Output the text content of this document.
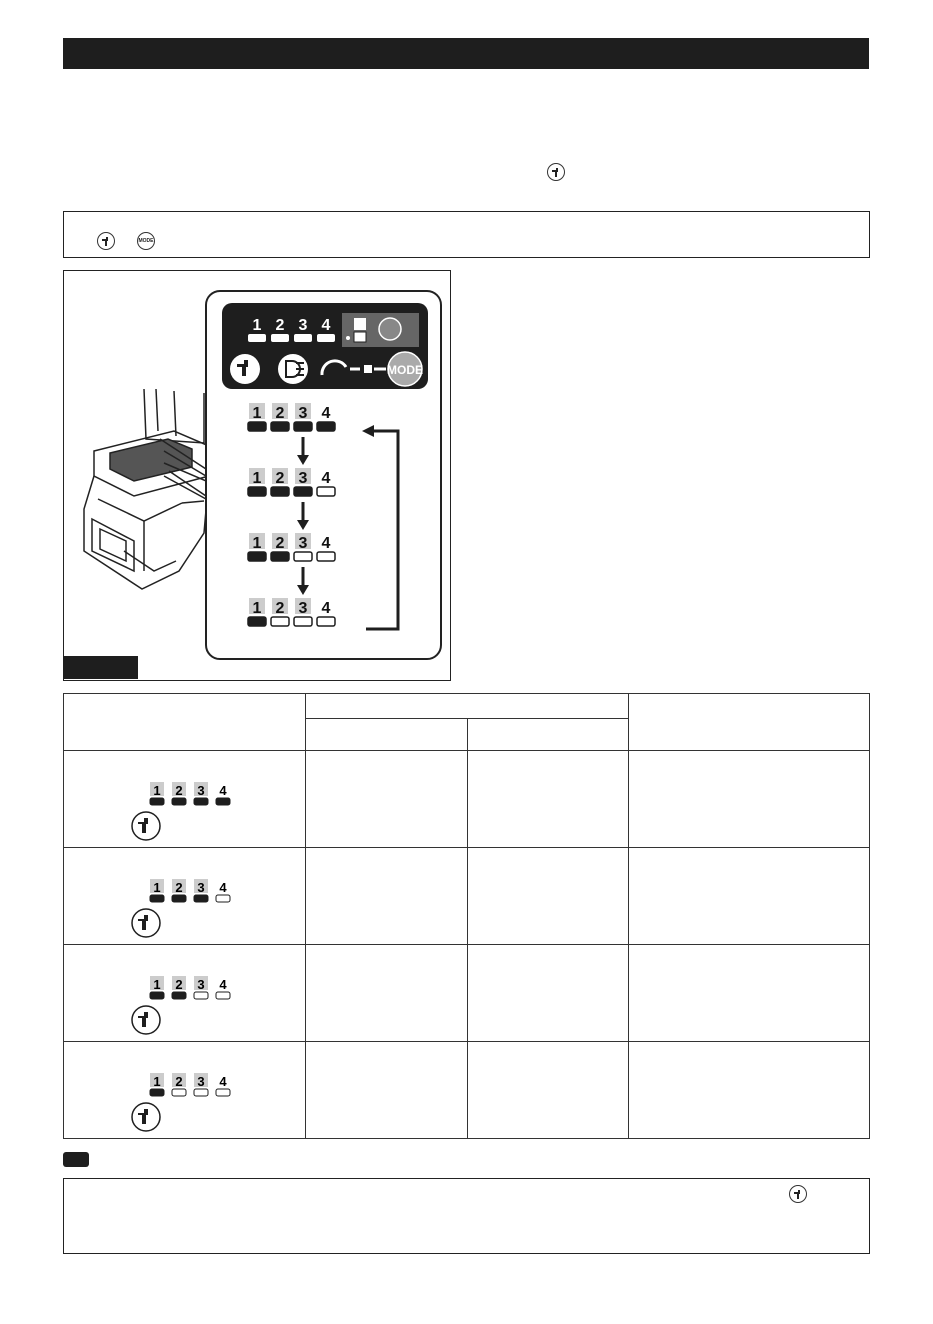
MODE
1 2 3 4
MODE
1 2 3 4
1 2 3 4
1 2 3 4
1 2 3 4

1 2 3 4			

1 2 3 4			

1 2 3 4			

1 2 3 4			
